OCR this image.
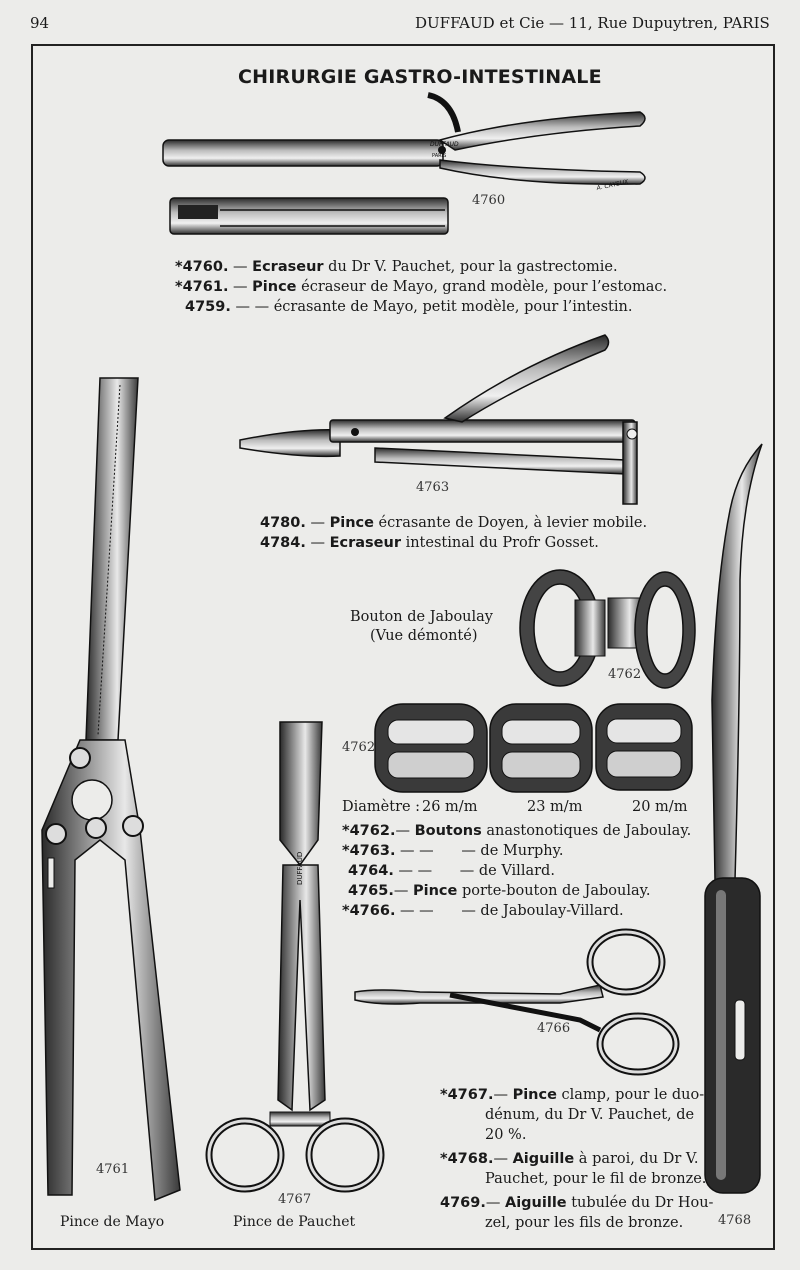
94	DUFFAUD et Cie — 11, Rue Dupuytren, PARIS
CHIRURGIE GASTRO-INTESTINALE
DUFFAUD
PARIS
A. CAYEUX
DUFFAUD
4760
4763
4762
4762
4766
4761
4767
4768
*4760. — Ecraseur du Dr V. Pauchet, pour la gastrectomie.
*4761. — Pince écraseur de Mayo, grand modèle, pour l’estomac.
4759. — — écrasante de Mayo, petit modèle, pour l’intestin.
4780. — Pince écrasante de Doyen, à levier mobile.
4784. — Ecraseur intestinal du Profr Gosset.
Bouton de Jaboulay
(Vue démonté)
Diamètre : 26 m/m	23 m/m	20 m/m
*4762.— Boutons anastonotiques de Jaboulay.
*4763. — — — de Murphy.
4764. — — — de Villard.
4765.— Pince porte-bouton de Jaboulay.
*4766. — — — de Jaboulay-Villard.
*4767.— Pince clamp, pour le duo-
dénum, du Dr V. Pauchet, de
20 %.
*4768.— Aiguille à paroi, du Dr V.
Pauchet, pour le fil de bronze.
4769.— Aiguille tubulée du Dr Hou-
zel, pour les fils de bronze.
Pince de Mayo	Pince de Pauchet
